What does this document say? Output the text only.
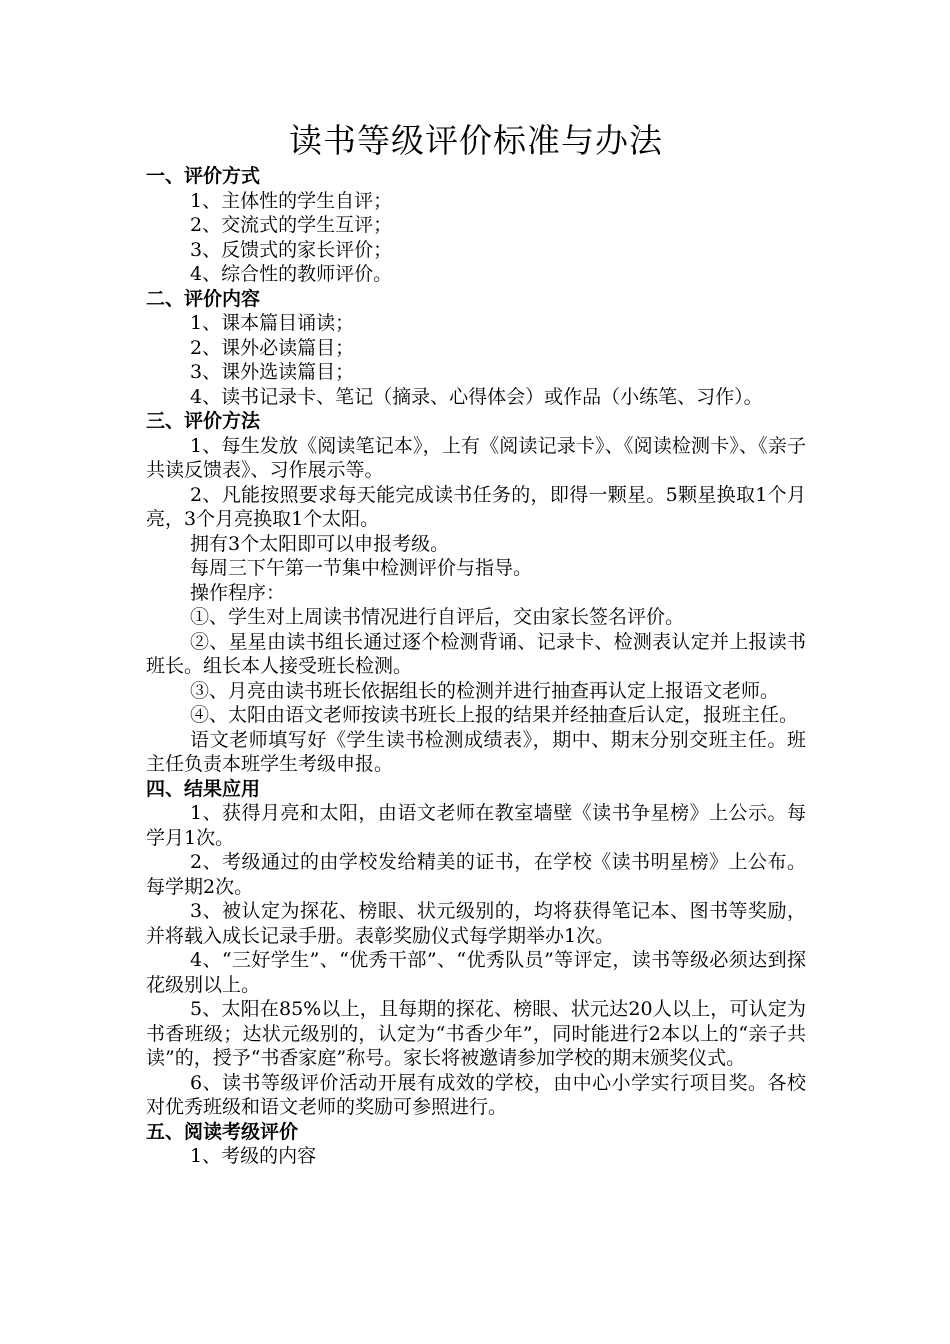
读书等级评价标准与办法

一、评价方式

1、主体性的学生自评；

2、交流式的学生互评；

3、反馈式的家长评价；

4、综合性的教师评价。

二、评价内容

1、课本篇目诵读；

2、课外必读篇目；

3、课外选读篇目；

4、读书记录卡、笔记（摘录、心得体会）或作品（小练笔、习作）。

三、评价方法

1、每生发放《阅读笔记本》，上有《阅读记录卡》、《阅读检测卡》、《亲子共读反馈表》、习作展示等。

2、凡能按照要求每天能完成读书任务的，即得一颗星。5颗星换取1个月亮，3个月亮换取1个太阳。

拥有3个太阳即可以申报考级。

每周三下午第一节集中检测评价与指导。

操作程序：

①、学生对上周读书情况进行自评后，交由家长签名评价。

②、星星由读书组长通过逐个检测背诵、记录卡、检测表认定并上报读书班长。组长本人接受班长检测。

③、月亮由读书班长依据组长的检测并进行抽查再认定上报语文老师。

④、太阳由语文老师按读书班长上报的结果并经抽查后认定，报班主任。

语文老师填写好《学生读书检测成绩表》，期中、期末分别交班主任。班主任负责本班学生考级申报。

四、结果应用

1、获得月亮和太阳，由语文老师在教室墙壁《读书争星榜》上公示。每学月1次。

2、考级通过的由学校发给精美的证书，在学校《读书明星榜》上公布。每学期2次。

3、被认定为探花、榜眼、状元级别的，均将获得笔记本、图书等奖励，并将载入成长记录手册。表彰奖励仪式每学期举办1次。

4、“三好学生”、“优秀干部”、“优秀队员”等评定，读书等级必须达到探花级别以上。

5、太阳在85%以上，且每期的探花、榜眼、状元达20人以上，可认定为书香班级；达状元级别的，认定为“书香少年”，同时能进行2本以上的“亲子共读”的，授予“书香家庭”称号。家长将被邀请参加学校的期末颁奖仪式。

6、读书等级评价活动开展有成效的学校，由中心小学实行项目奖。各校对优秀班级和语文老师的奖励可参照进行。

五、阅读考级评价

1、考级的内容
